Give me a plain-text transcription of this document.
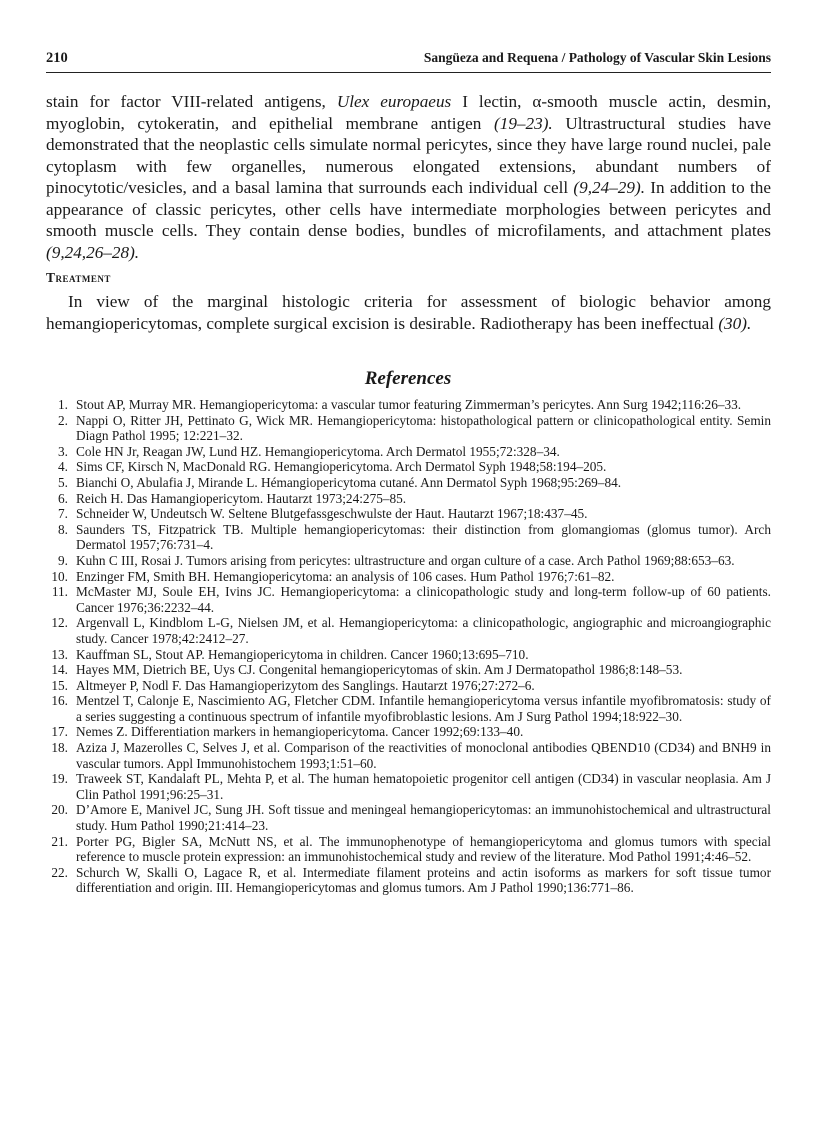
210	Sangüeza and Requena / Pathology of Vascular Skin Lesions

stain for factor VIII-related antigens, Ulex europaeus I lectin, α-smooth muscle actin, desmin, myoglobin, cytokeratin, and epithelial membrane antigen (19–23). Ultrastructural studies have demonstrated that the neoplastic cells simulate normal pericytes, since they have large round nuclei, pale cytoplasm with few organelles, numerous elongated extensions, abundant numbers of pinocytotic/vesicles, and a basal lamina that surrounds each individual cell (9,24–29). In addition to the appearance of classic pericytes, other cells have intermediate morphologies between pericytes and smooth muscle cells. They contain dense bodies, bundles of microfilaments, and attachment plates (9,24,26–28).

Treatment

In view of the marginal histologic criteria for assessment of biologic behavior among hemangiopericytomas, complete surgical excision is desirable. Radiotherapy has been ineffectual (30).

References
1. Stout AP, Murray MR. Hemangiopericytoma: a vascular tumor featuring Zimmerman’s pericytes. Ann Surg 1942;116:26–33.
2. Nappi O, Ritter JH, Pettinato G, Wick MR. Hemangiopericytoma: histopathological pattern or clinicopathological entity. Semin Diagn Pathol 1995; 12:221–32.
3. Cole HN Jr, Reagan JW, Lund HZ. Hemangiopericytoma. Arch Dermatol 1955;72:328–34.
4. Sims CF, Kirsch N, MacDonald RG. Hemangiopericytoma. Arch Dermatol Syph 1948;58:194–205.
5. Bianchi O, Abulafia J, Mirande L. Hémangiopericytoma cutané. Ann Dermatol Syph 1968;95:269–84.
6. Reich H. Das Hamangiopericytom. Hautarzt 1973;24:275–85.
7. Schneider W, Undeutsch W. Seltene Blutgefassgeschwulste der Haut. Hautarzt 1967;18:437–45.
8. Saunders TS, Fitzpatrick TB. Multiple hemangiopericytomas: their distinction from glomangiomas (glomus tumor). Arch Dermatol 1957;76:731–4.
9. Kuhn C III, Rosai J. Tumors arising from pericytes: ultrastructure and organ culture of a case. Arch Pathol 1969;88:653–63.
10. Enzinger FM, Smith BH. Hemangiopericytoma: an analysis of 106 cases. Hum Pathol 1976;7:61–82.
11. McMaster MJ, Soule EH, Ivins JC. Hemangiopericytoma: a clinicopathologic study and long-term follow-up of 60 patients. Cancer 1976;36:2232–44.
12. Argenvall L, Kindblom L-G, Nielsen JM, et al. Hemangiopericytoma: a clinicopathologic, angiographic and microangiographic study. Cancer 1978;42:2412–27.
13. Kauffman SL, Stout AP. Hemangiopericytoma in children. Cancer 1960;13:695–710.
14. Hayes MM, Dietrich BE, Uys CJ. Congenital hemangiopericytomas of skin. Am J Dermatopathol 1986;8:148–53.
15. Altmeyer P, Nodl F. Das Hamangioperizytom des Sanglings. Hautarzt 1976;27:272–6.
16. Mentzel T, Calonje E, Nascimiento AG, Fletcher CDM. Infantile hemangiopericytoma versus infantile myofibromatosis: study of a series suggesting a continuous spectrum of infantile myofibroblastic lesions. Am J Surg Pathol 1994;18:922–30.
17. Nemes Z. Differentiation markers in hemangiopericytoma. Cancer 1992;69:133–40.
18. Aziza J, Mazerolles C, Selves J, et al. Comparison of the reactivities of monoclonal antibodies QBEND10 (CD34) and BNH9 in vascular tumors. Appl Immunohistochem 1993;1:51–60.
19. Traweek ST, Kandalaft PL, Mehta P, et al. The human hematopoietic progenitor cell antigen (CD34) in vascular neoplasia. Am J Clin Pathol 1991;96:25–31.
20. D’Amore E, Manivel JC, Sung JH. Soft tissue and meningeal hemangiopericytomas: an immunohistochemical and ultrastructural study. Hum Pathol 1990;21:414–23.
21. Porter PG, Bigler SA, McNutt NS, et al. The immunophenotype of hemangiopericytoma and glomus tumors with special reference to muscle protein expression: an immunohistochemical study and review of the literature. Mod Pathol 1991;4:46–52.
22. Schurch W, Skalli O, Lagace R, et al. Intermediate filament proteins and actin isoforms as markers for soft tissue tumor differentiation and origin. III. Hemangiopericytomas and glomus tumors. Am J Pathol 1990;136:771–86.
